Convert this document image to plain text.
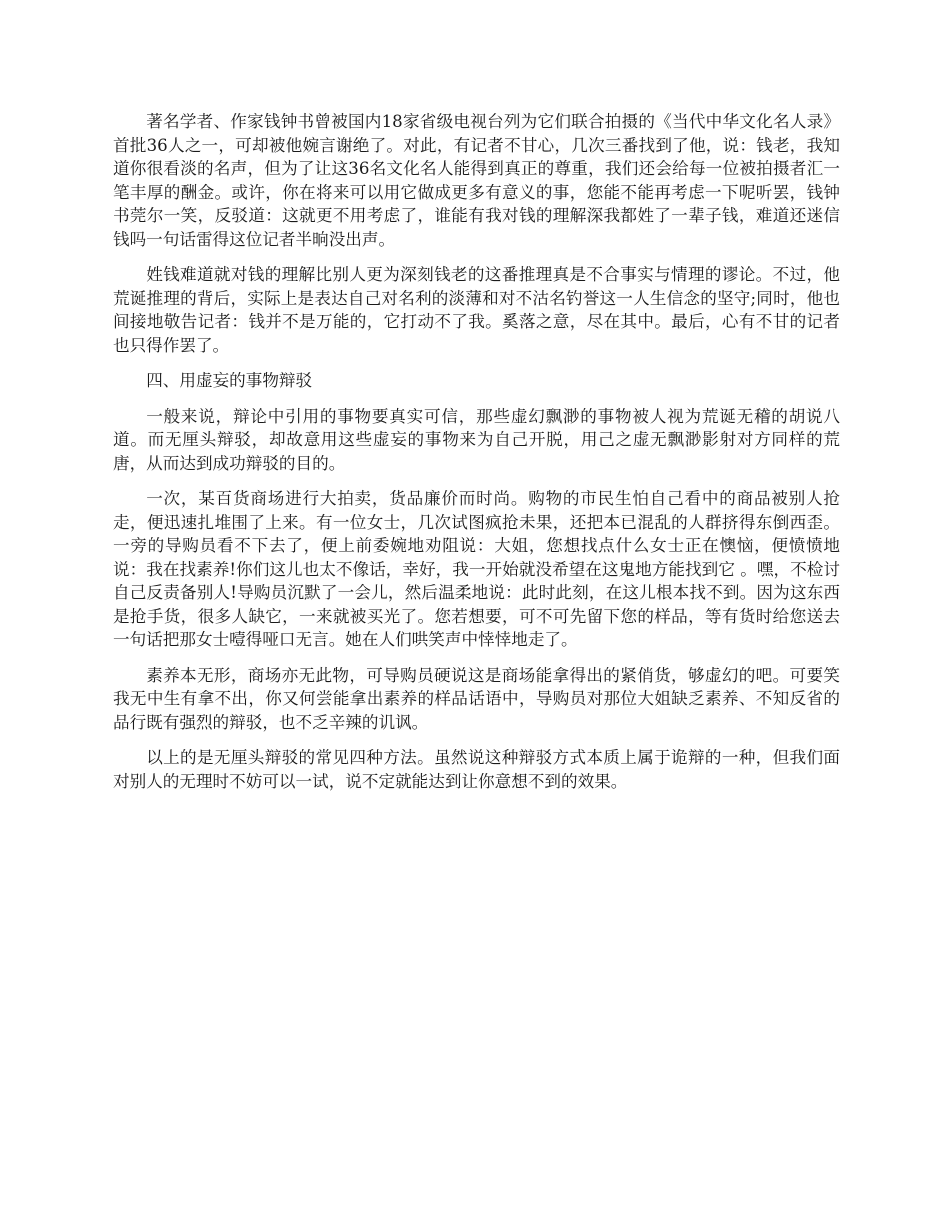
著名学者、作家钱钟书曾被国内18家省级电视台列为它们联合拍摄的《当代中华文化名人录》首批36人之一，可却被他婉言谢绝了。对此，有记者不甘心，几次三番找到了他，说：钱老，我知道你很看淡的名声，但为了让这36名文化名人能得到真正的尊重，我们还会给每一位被拍摄者汇一笔丰厚的酬金。或许，你在将来可以用它做成更多有意义的事，您能不能再考虑一下呢听罢，钱钟书莞尔一笑，反驳道：这就更不用考虑了，谁能有我对钱的理解深我都姓了一辈子钱，难道还迷信钱吗一句话雷得这位记者半晌没出声。

姓钱难道就对钱的理解比别人更为深刻钱老的这番推理真是不合事实与情理的谬论。不过，他荒诞推理的背后，实际上是表达自己对名利的淡薄和对不沽名钓誉这一人生信念的坚守;同时，他也间接地敬告记者：钱并不是万能的，它打动不了我。奚落之意，尽在其中。最后，心有不甘的记者也只得作罢了。

四、用虚妄的事物辩驳

一般来说，辩论中引用的事物要真实可信，那些虚幻飘渺的事物被人视为荒诞无稽的胡说八道。而无厘头辩驳，却故意用这些虚妄的事物来为自己开脱，用己之虚无飘渺影射对方同样的荒唐，从而达到成功辩驳的目的。

一次，某百货商场进行大拍卖，货品廉价而时尚。购物的市民生怕自己看中的商品被别人抢走，便迅速扎堆围了上来。有一位女士，几次试图疯抢未果，还把本已混乱的人群挤得东倒西歪。一旁的导购员看不下去了，便上前委婉地劝阻说：大姐，您想找点什么女士正在懊恼，便愤愤地说：我在找素养!你们这儿也太不像话，幸好，我一开始就没希望在这鬼地方能找到它 。嘿，不检讨自己反责备别人!导购员沉默了一会儿，然后温柔地说：此时此刻，在这儿根本找不到。因为这东西是抢手货，很多人缺它，一来就被买光了。您若想要，可不可先留下您的样品，等有货时给您送去一句话把那女士噎得哑口无言。她在人们哄笑声中悻悻地走了。

素养本无形，商场亦无此物，可导购员硬说这是商场能拿得出的紧俏货，够虚幻的吧。可要笑我无中生有拿不出，你又何尝能拿出素养的样品话语中，导购员对那位大姐缺乏素养、不知反省的品行既有强烈的辩驳，也不乏辛辣的讥讽。

以上的是无厘头辩驳的常见四种方法。虽然说这种辩驳方式本质上属于诡辩的一种，但我们面对别人的无理时不妨可以一试，说不定就能达到让你意想不到的效果。
